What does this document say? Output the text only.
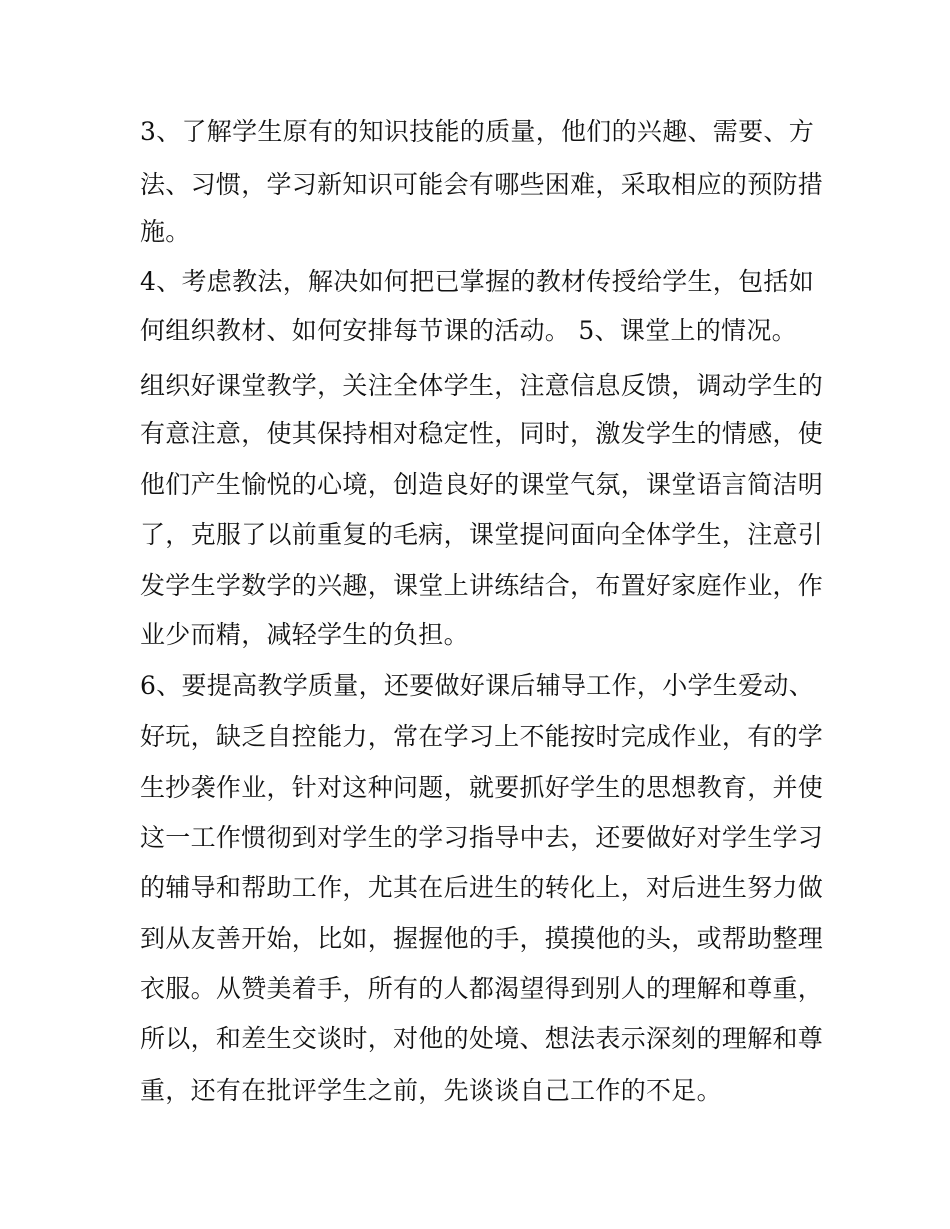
3、了解学生原有的知识技能的质量，他们的兴趣、需要、方
法、习惯，学习新知识可能会有哪些困难，采取相应的预防措
施。
4、考虑教法，解决如何把已掌握的教材传授给学生，包括如
何组织教材、如何安排每节课的活动。 5、课堂上的情况。
组织好课堂教学，关注全体学生，注意信息反馈，调动学生的
有意注意，使其保持相对稳定性，同时，激发学生的情感，使
他们产生愉悦的心境，创造良好的课堂气氛，课堂语言简洁明
了，克服了以前重复的毛病，课堂提问面向全体学生，注意引
发学生学数学的兴趣，课堂上讲练结合，布置好家庭作业，作
业少而精，减轻学生的负担。
6、要提高教学质量，还要做好课后辅导工作，小学生爱动、
好玩，缺乏自控能力，常在学习上不能按时完成作业，有的学
生抄袭作业，针对这种问题，就要抓好学生的思想教育，并使
这一工作惯彻到对学生的学习指导中去，还要做好对学生学习
的辅导和帮助工作，尤其在后进生的转化上，对后进生努力做
到从友善开始，比如，握握他的手，摸摸他的头，或帮助整理
衣服。从赞美着手，所有的人都渴望得到别人的理解和尊重，
所以，和差生交谈时，对他的处境、想法表示深刻的理解和尊
重，还有在批评学生之前，先谈谈自己工作的不足。
